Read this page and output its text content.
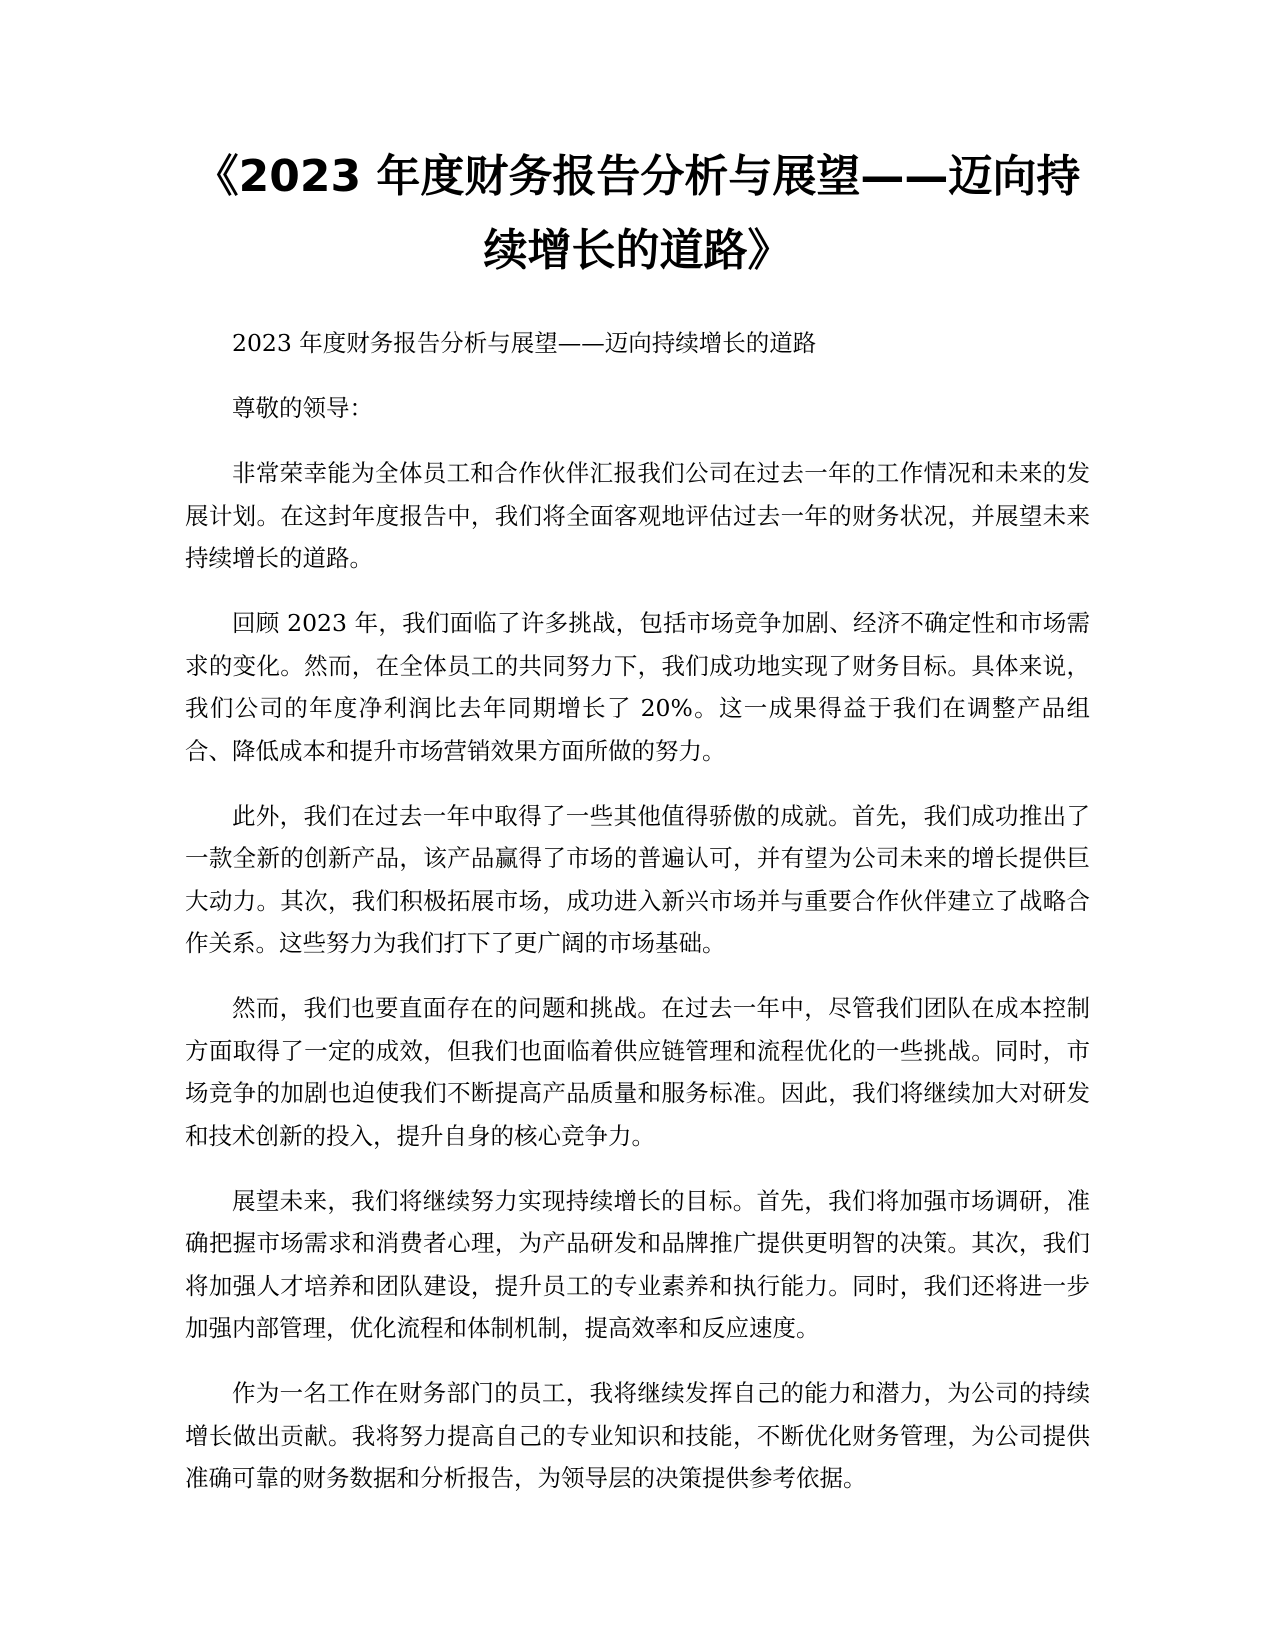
《2023 年度财务报告分析与展望——迈向持续增长的道路》

2023 年度财务报告分析与展望——迈向持续增长的道路

尊敬的领导：

非常荣幸能为全体员工和合作伙伴汇报我们公司在过去一年的工作情况和未来的发展计划。在这封年度报告中，我们将全面客观地评估过去一年的财务状况，并展望未来持续增长的道路。

回顾 2023 年，我们面临了许多挑战，包括市场竞争加剧、经济不确定性和市场需求的变化。然而，在全体员工的共同努力下，我们成功地实现了财务目标。具体来说，我们公司的年度净利润比去年同期增长了 20%。这一成果得益于我们在调整产品组合、降低成本和提升市场营销效果方面所做的努力。

此外，我们在过去一年中取得了一些其他值得骄傲的成就。首先，我们成功推出了一款全新的创新产品，该产品赢得了市场的普遍认可，并有望为公司未来的增长提供巨大动力。其次，我们积极拓展市场，成功进入新兴市场并与重要合作伙伴建立了战略合作关系。这些努力为我们打下了更广阔的市场基础。

然而，我们也要直面存在的问题和挑战。在过去一年中，尽管我们团队在成本控制方面取得了一定的成效，但我们也面临着供应链管理和流程优化的一些挑战。同时，市场竞争的加剧也迫使我们不断提高产品质量和服务标准。因此，我们将继续加大对研发和技术创新的投入，提升自身的核心竞争力。

展望未来，我们将继续努力实现持续增长的目标。首先，我们将加强市场调研，准确把握市场需求和消费者心理，为产品研发和品牌推广提供更明智的决策。其次，我们将加强人才培养和团队建设，提升员工的专业素养和执行能力。同时，我们还将进一步加强内部管理，优化流程和体制机制，提高效率和反应速度。

作为一名工作在财务部门的员工，我将继续发挥自己的能力和潜力，为公司的持续增长做出贡献。我将努力提高自己的专业知识和技能，不断优化财务管理，为公司提供准确可靠的财务数据和分析报告，为领导层的决策提供参考依据。
